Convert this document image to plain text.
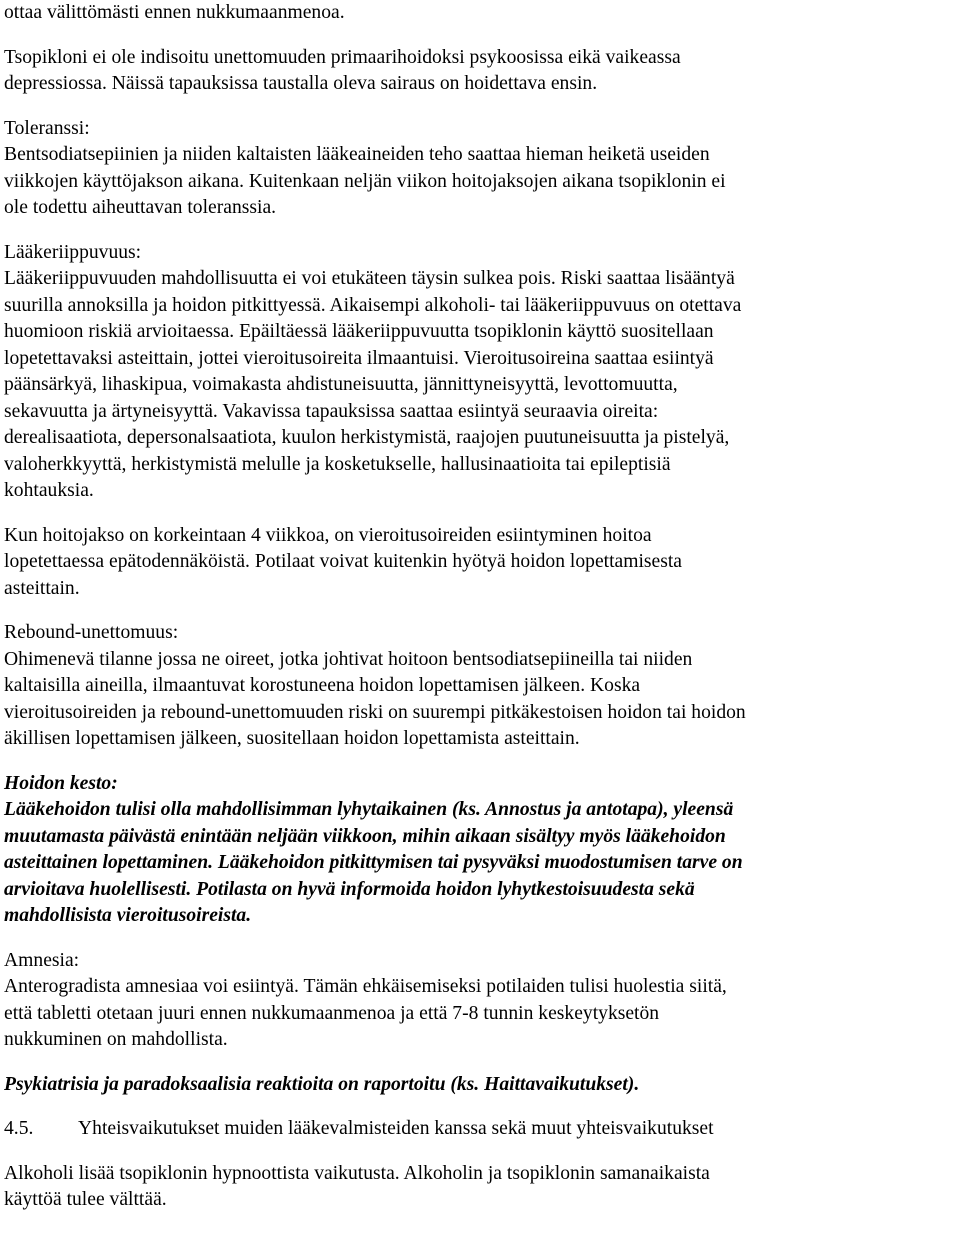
ottaa välittömästi ennen nukkumaanmenoa.
Tsopikloni ei ole indisoitu unettomuuden primaarihoidoksi psykoosissa eikä vaikeassa
depressiossa. Näissä tapauksissa taustalla oleva sairaus on hoidettava ensin.
Toleranssi:
Bentsodiatsepiinien ja niiden kaltaisten lääkeaineiden teho saattaa hieman heiketä useiden
viikkojen käyttöjakson aikana. Kuitenkaan neljän viikon hoitojaksojen aikana tsopiklonin ei
ole todettu aiheuttavan toleranssia.
Lääkeriippuvuus:
Lääkeriippuvuuden mahdollisuutta ei voi etukäteen täysin sulkea pois. Riski saattaa lisääntyä
suurilla annoksilla ja hoidon pitkittyessä. Aikaisempi alkoholi- tai lääkeriippuvuus on otettava
huomioon riskiä arvioitaessa. Epäiltäessä lääkeriippuvuutta tsopiklonin käyttö suositellaan
lopetettavaksi asteittain, jottei vieroitusoireita ilmaantuisi. Vieroitusoireina saattaa esiintyä
päänsärkyä, lihaskipua, voimakasta ahdistuneisuutta, jännittyneisyyttä, levottomuutta,
sekavuutta ja ärtyneisyyttä. Vakavissa tapauksissa saattaa esiintyä seuraavia oireita:
derealisaatiota, depersonalsaatiota, kuulon herkistymistä, raajojen puutuneisuutta ja pistelyä,
valoherkkyyttä, herkistymistä melulle ja kosketukselle, hallusinaatioita tai epileptisiä
kohtauksia.
Kun hoitojakso on korkeintaan 4 viikkoa, on vieroitusoireiden esiintyminen hoitoa
lopetettaessa epätodennäköistä. Potilaat voivat kuitenkin hyötyä hoidon lopettamisesta
asteittain.
Rebound-unettomuus:
Ohimenevä tilanne jossa ne oireet, jotka johtivat hoitoon bentsodiatsepiineilla tai niiden
kaltaisilla aineilla, ilmaantuvat korostuneena hoidon lopettamisen jälkeen. Koska
vieroitusoireiden ja rebound-unettomuuden riski on suurempi pitkäkestoisen hoidon tai hoidon
äkillisen lopettamisen jälkeen, suositellaan hoidon lopettamista asteittain.
Hoidon kesto:
Lääkehoidon tulisi olla mahdollisimman lyhytaikainen (ks. Annostus ja antotapa), yleensä
muutamasta päivästä enintään neljään viikkoon, mihin aikaan sisältyy myös lääkehoidon
asteittainen lopettaminen. Lääkehoidon pitkittymisen tai pysyväksi muodostumisen tarve on
arvioitava huolellisesti. Potilasta on hyvä informoida hoidon lyhytkestoisuudesta sekä
mahdollisista vieroitusoireista.
Amnesia:
Anterogradista amnesiaa voi esiintyä. Tämän ehkäisemiseksi potilaiden tulisi huolestia siitä,
että tabletti otetaan juuri ennen nukkumaanmenoa ja että 7-8 tunnin keskeytyksetön
nukkuminen on mahdollista.
Psykiatrisia ja paradoksaalisia reaktioita on raportoitu (ks. Haittavaikutukset).
4.5.	Yhteisvaikutukset muiden lääkevalmisteiden kanssa sekä muut yhteisvaikutukset
Alkoholi lisää tsopiklonin hypnoottista vaikutusta. Alkoholin ja tsopiklonin samanaikaista
käyttöä tulee välttää.
